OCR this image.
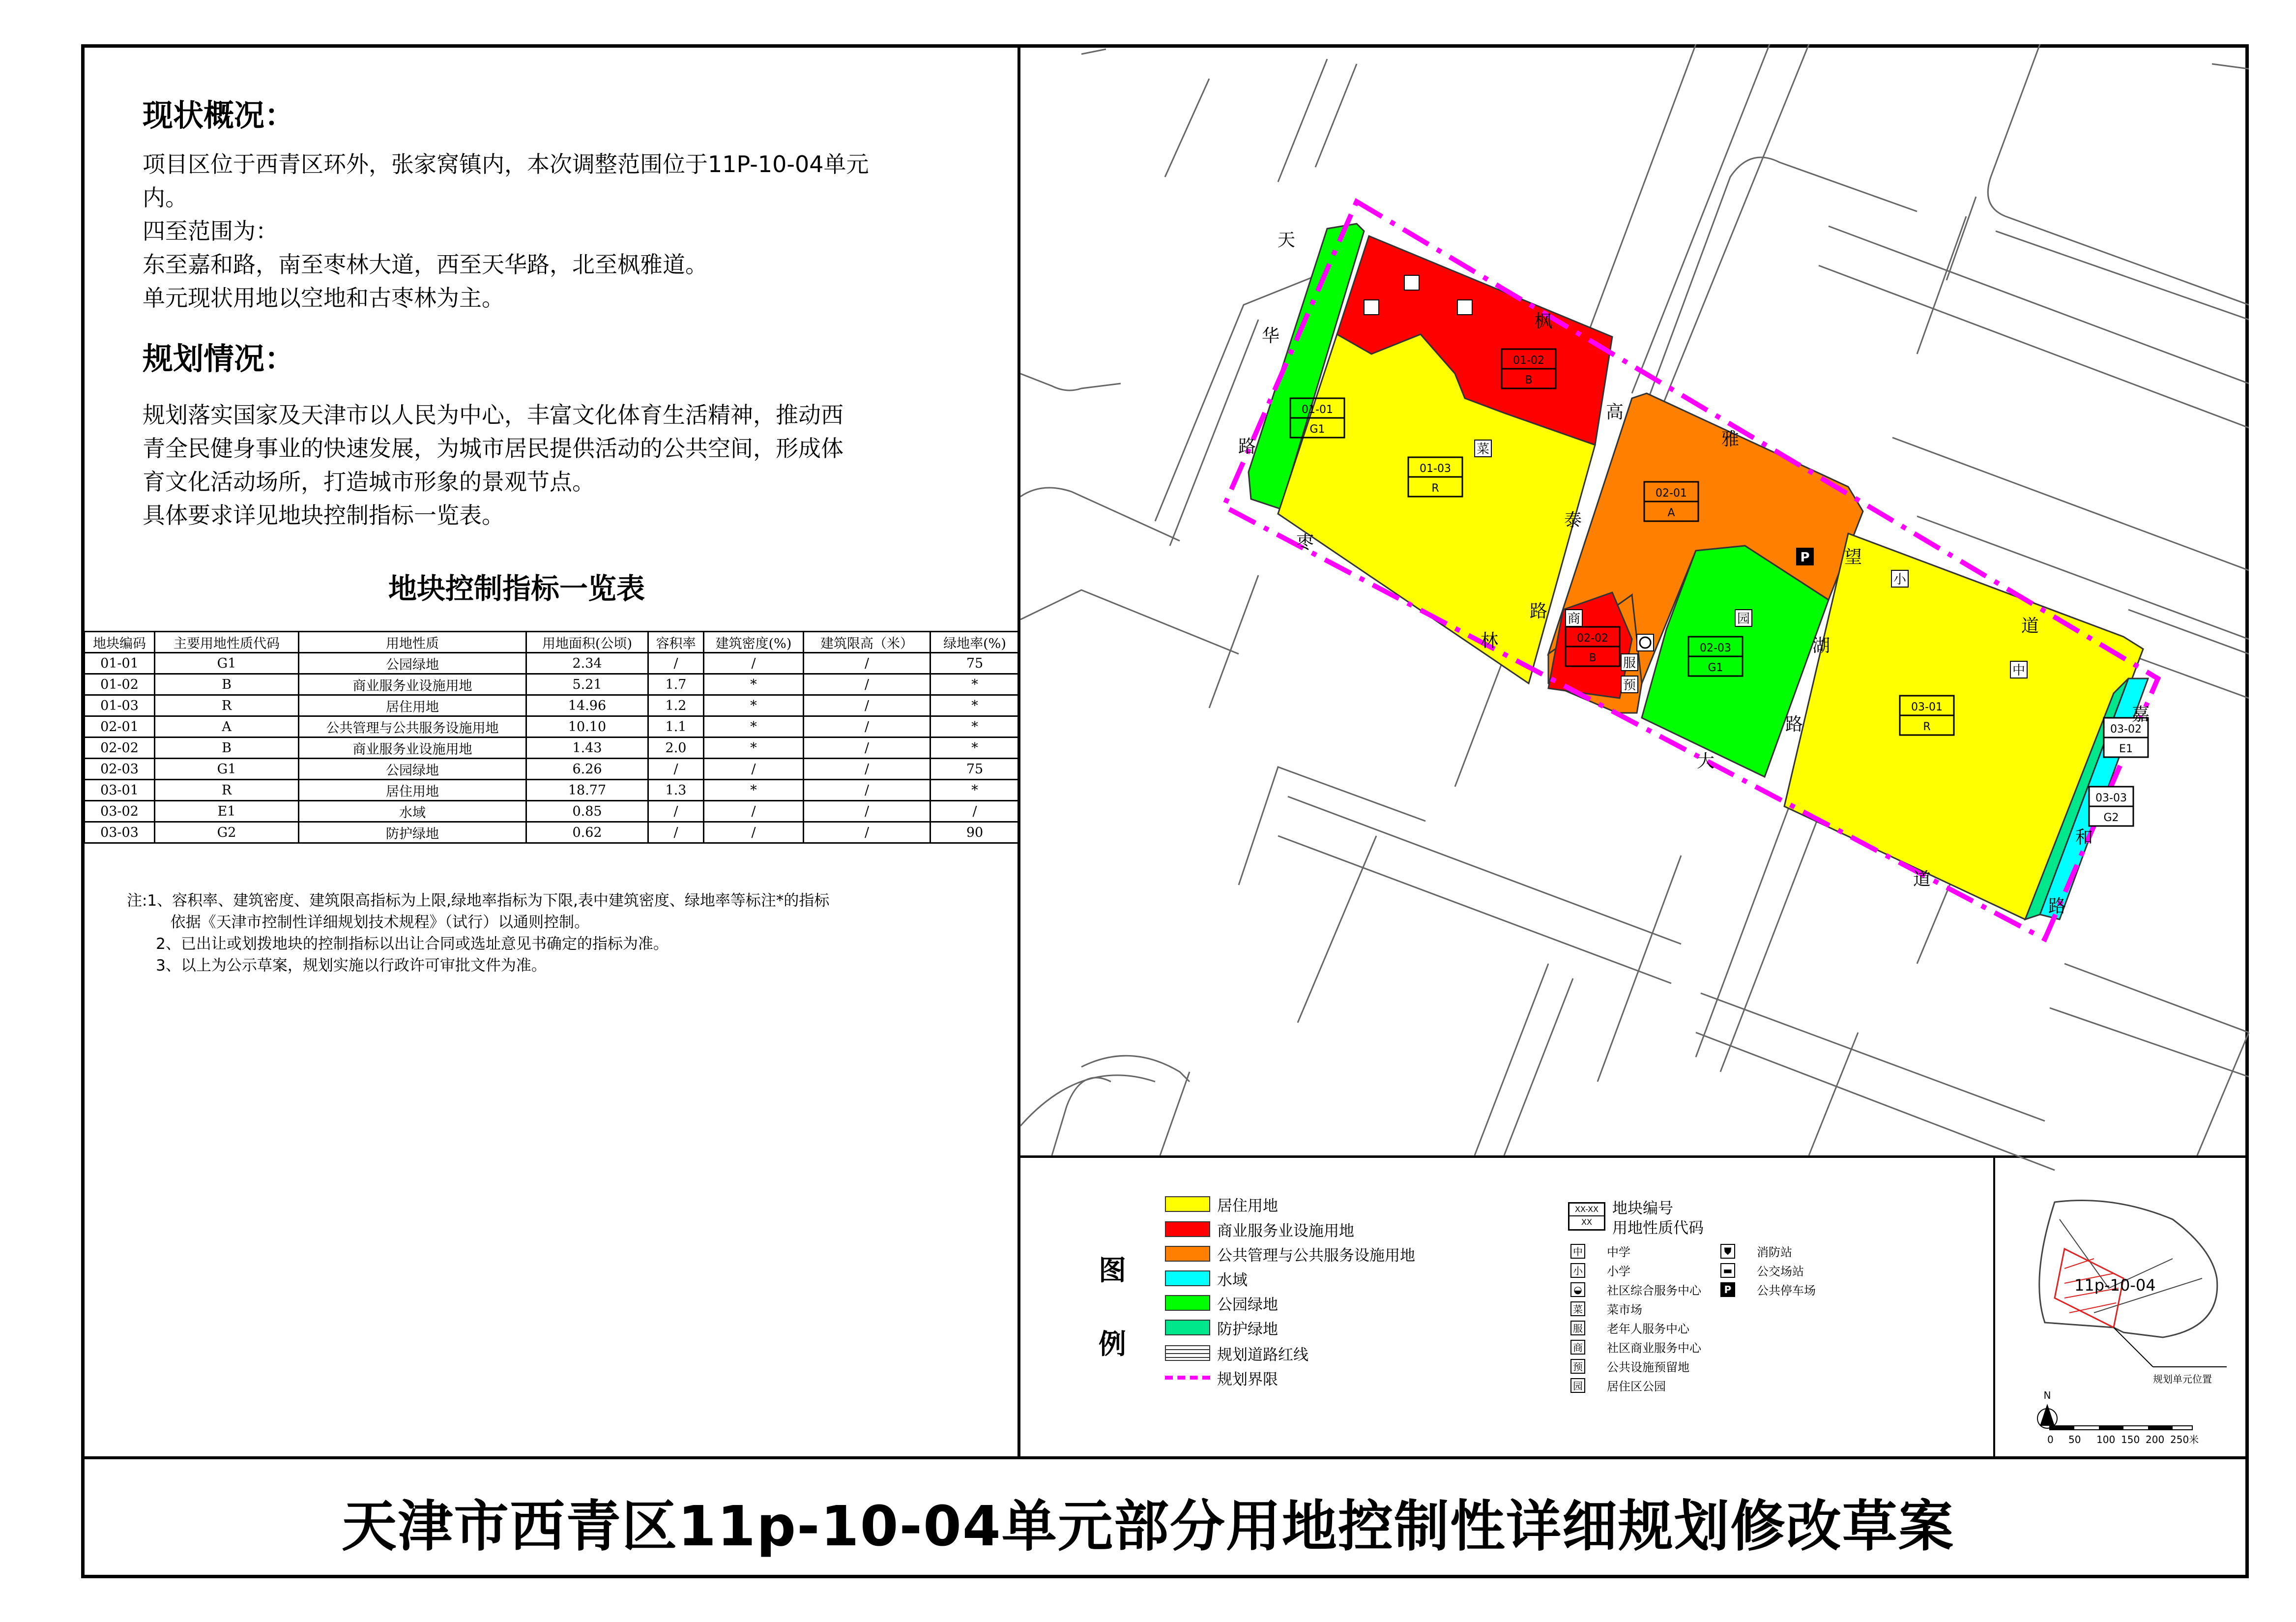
现状概况：
项目区位于西青区环外，张家窝镇内，本次调整范围位于11P-10-04单元
内。
四至范围为：
东至嘉和路，南至枣林大道，西至天华路，北至枫雅道。
单元现状用地以空地和古枣林为主。
规划情况：
规划落实国家及天津市以人民为中心，丰富文化体育生活精神，推动西
青全民健身事业的快速发展，为城市居民提供活动的公共空间，形成体
育文化活动场所，打造城市形象的景观节点。
具体要求详见地块控制指标一览表。
地块控制指标一览表
地块编码	主要用地性质代码	用地性质	用地面积(公顷)	容积率	建筑密度(%)	建筑限高（米）	绿地率(%)
01-01	G1	公园绿地	2.34	/	/	/	75
01-02	B	商业服务业设施用地	5.21	1.7	*	/	*
01-03	R	居住用地	14.96	1.2	*	/	*
02-01	A	公共管理与公共服务设施用地	10.10	1.1	*	/	*
02-02	B	商业服务业设施用地	1.43	2.0	*	/	*
02-03	G1	公园绿地	6.26	/	/	/	75
03-01	R	居住用地	18.77	1.3	*	/	*
03-02	E1	水域	0.85	/	/	/	/
03-03	G2	防护绿地	0.62	/	/	/	90
注:1、容积率、建筑密度、建筑限高指标为上限,绿地率指标为下限,表中建筑密度、绿地率等标注*的指标
依据《天津市控制性详细规划技术规程》（试行）以通则控制。
2、已出让或划拨地块的控制指标以出让合同或选址意见书确定的指标为准。
3、以上为公示草案，规划实施以行政许可审批文件为准。
01-01
G1
01-02
B
01-03
R	02-01
A
02-02
B
02-03
G1
03-01
R	03-02
E1
03-03
G2
菜
商
服
预
园
P
小
中
天
华
路
枣
林
大
道
高
泰
路
望
湖
路
枫
雅
道
嘉
和
路
11p-10-04
规划单元位置
N
0 50 100 150 200 250米
图
例
居住用地
商业服务业设施用地
公共管理与公共服务设施用地
水域
公园绿地
防护绿地
规划道路红线
规划界限
XX-XX
XX
地块编号
用地性质代码
中 中学
小 小学
◒ 社区综合服务中心
菜 菜市场
服 老年人服务中心
商 社区商业服务中心
预 公共设施预留地
园 居住区公园
⛊	消防站
▬ 公交场站
P	公共停车场
天津市西青区11p-10-04单元部分用地控制性详细规划修改草案
